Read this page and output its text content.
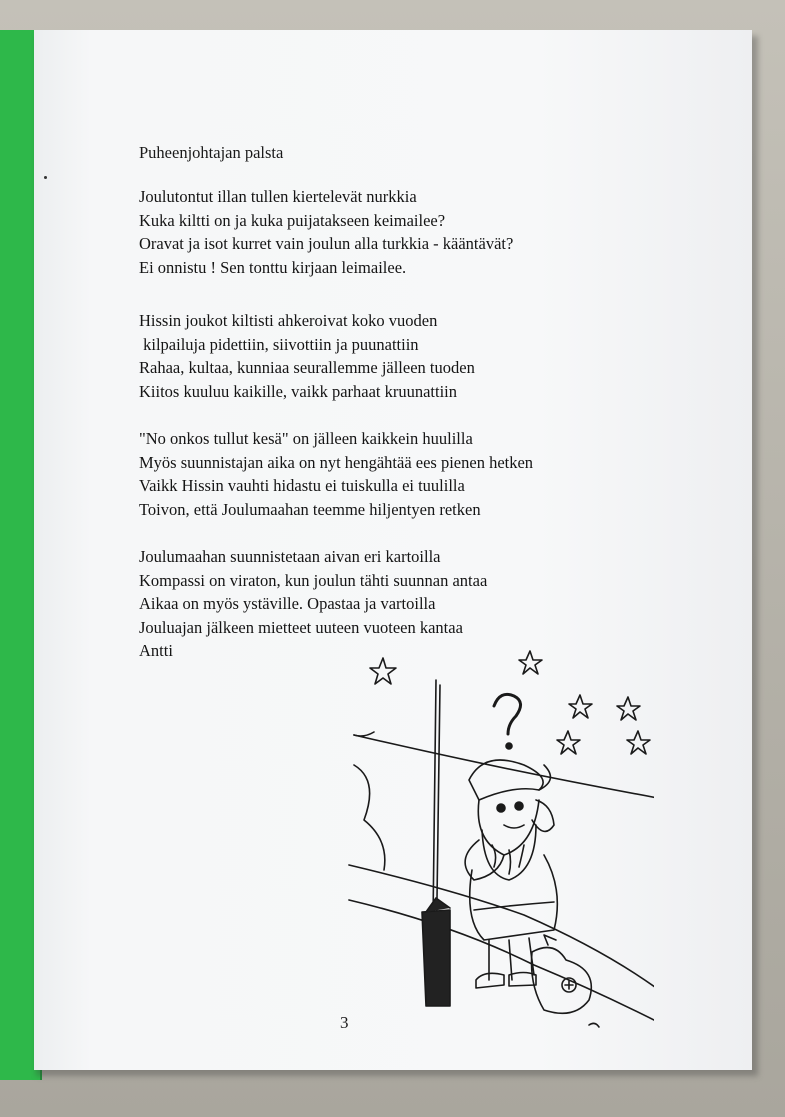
Puheenjohtajan palsta
Joulutontut illan tullen kiertelevät nurkkia
Kuka kiltti on ja kuka puijatakseen keimailee?
Oravat ja isot kurret vain joulun alla turkkia - kääntävät?
Ei onnistu ! Sen tonttu kirjaan leimailee.
Hissin joukot kiltisti ahkeroivat koko vuoden
kilpailuja pidettiin, siivottiin ja puunattiin
Rahaa, kultaa, kunniaa seurallemme jälleen tuoden
Kiitos kuuluu kaikille, vaikk parhaat kruunattiin
"No onkos tullut kesä" on jälleen kaikkein huulilla
Myös suunnistajan aika on nyt hengähtää ees pienen hetken
Vaikk Hissin vauhti hidastu ei tuiskulla ei tuulilla
Toivon, että Joulumaahan teemme hiljentyen retken
Joulumaahan suunnistetaan aivan eri kartoilla
Kompassi on viraton, kun joulun tähti suunnan antaa
Aikaa on myös ystäville. Opastaa ja vartoilla
Jouluajan jälkeen mietteet uuteen vuoteen kantaa
Antti
3
